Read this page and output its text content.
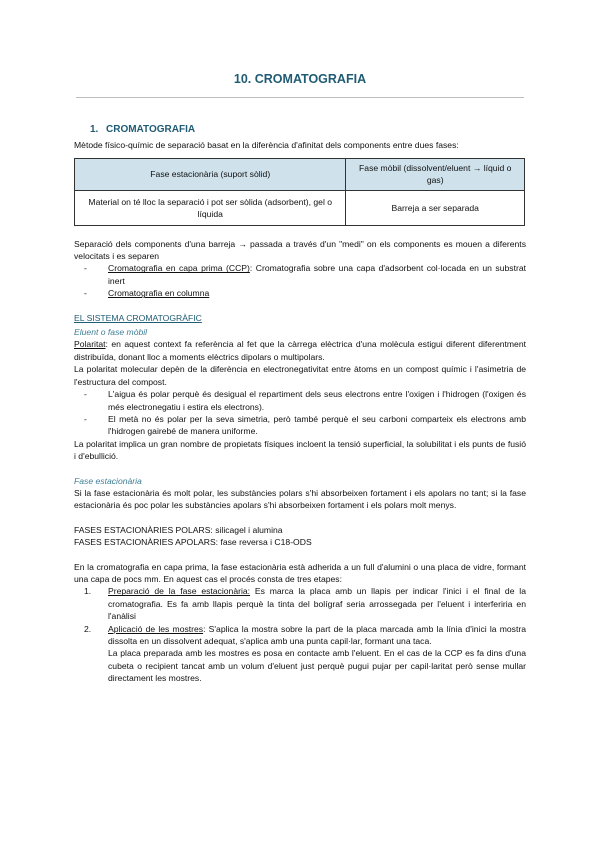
10. CROMATOGRAFIA
1. CROMATOGRAFIA

Mètode físico-químic de separació basat en la diferència d'afinitat dels components entre dues fases:

Fase estacionària (suport sòlid)	Fase mòbil (dissolvent/eluent → líquid o gas)
Material on té lloc la separació i pot ser sòlida (adsorbent), gel o líquida	Barreja a ser separada

Separació dels components d'una barreja → passada a través d'un "medi" on els components es mouen a diferents velocitats i es separen

- Cromatografia en capa prima (CCP): Cromatografia sobre una capa d'adsorbent col·locada en un substrat inert
- Cromatografia en columna

EL SISTEMA CROMATOGRÀFIC

Eluent o fase mòbil

Polaritat: en aquest context fa referència al fet que la càrrega elèctrica d'una molècula estigui diferent diferentment distribuïda, donant lloc a moments elèctrics dipolars o multipolars.

La polaritat molecular depèn de la diferència en electronegativitat entre àtoms en un compost químic i l'asimetria de l'estructura del compost.

- L'aigua és polar perquè és desigual el repartiment dels seus electrons entre l'oxigen i l'hidrogen (l'oxigen és més electronegatiu i estira els electrons).
- El metà no és polar per la seva simetria, però també perquè el seu carboni comparteix els electrons amb l'hidrogen gairebé de manera uniforme.

La polaritat implica un gran nombre de propietats físiques incloent la tensió superficial, la solubilitat i els punts de fusió i d'ebullició.

Fase estacionària

Si la fase estacionària és molt polar, les substàncies polars s'hi absorbeixen fortament i els apolars no tant; si la fase estacionària és poc polar les substàncies apolars s'hi absorbeixen fortament i els polars molt menys.

FASES ESTACIONÀRIES POLARS: silicagel i alumina

FASES ESTACIONÀRIES APOLARS: fase reversa i C18-ODS

En la cromatografia en capa prima, la fase estacionària està adherida a un full d'alumini o una placa de vidre, formant una capa de pocs mm. En aquest cas el procés consta de tres etapes:

1. Preparació de la fase estacionària: Es marca la placa amb un llapis per indicar l'inici i el final de la cromatografia. Es fa amb llapis perquè la tinta del bolígraf seria arrossegada per l'eluent i interferiria en l'anàlisi
2. Aplicació de les mostres: S'aplica la mostra sobre la part de la placa marcada amb la línia d'inici la mostra dissolta en un dissolvent adequat, s'aplica amb una punta capil·lar, formant una taca.

La placa preparada amb les mostres es posa en contacte amb l'eluent. En el cas de la CCP es fa dins d'una cubeta o recipient tancat amb un volum d'eluent just perquè pugui pujar per capil·laritat però sense mullar directament les mostres.
